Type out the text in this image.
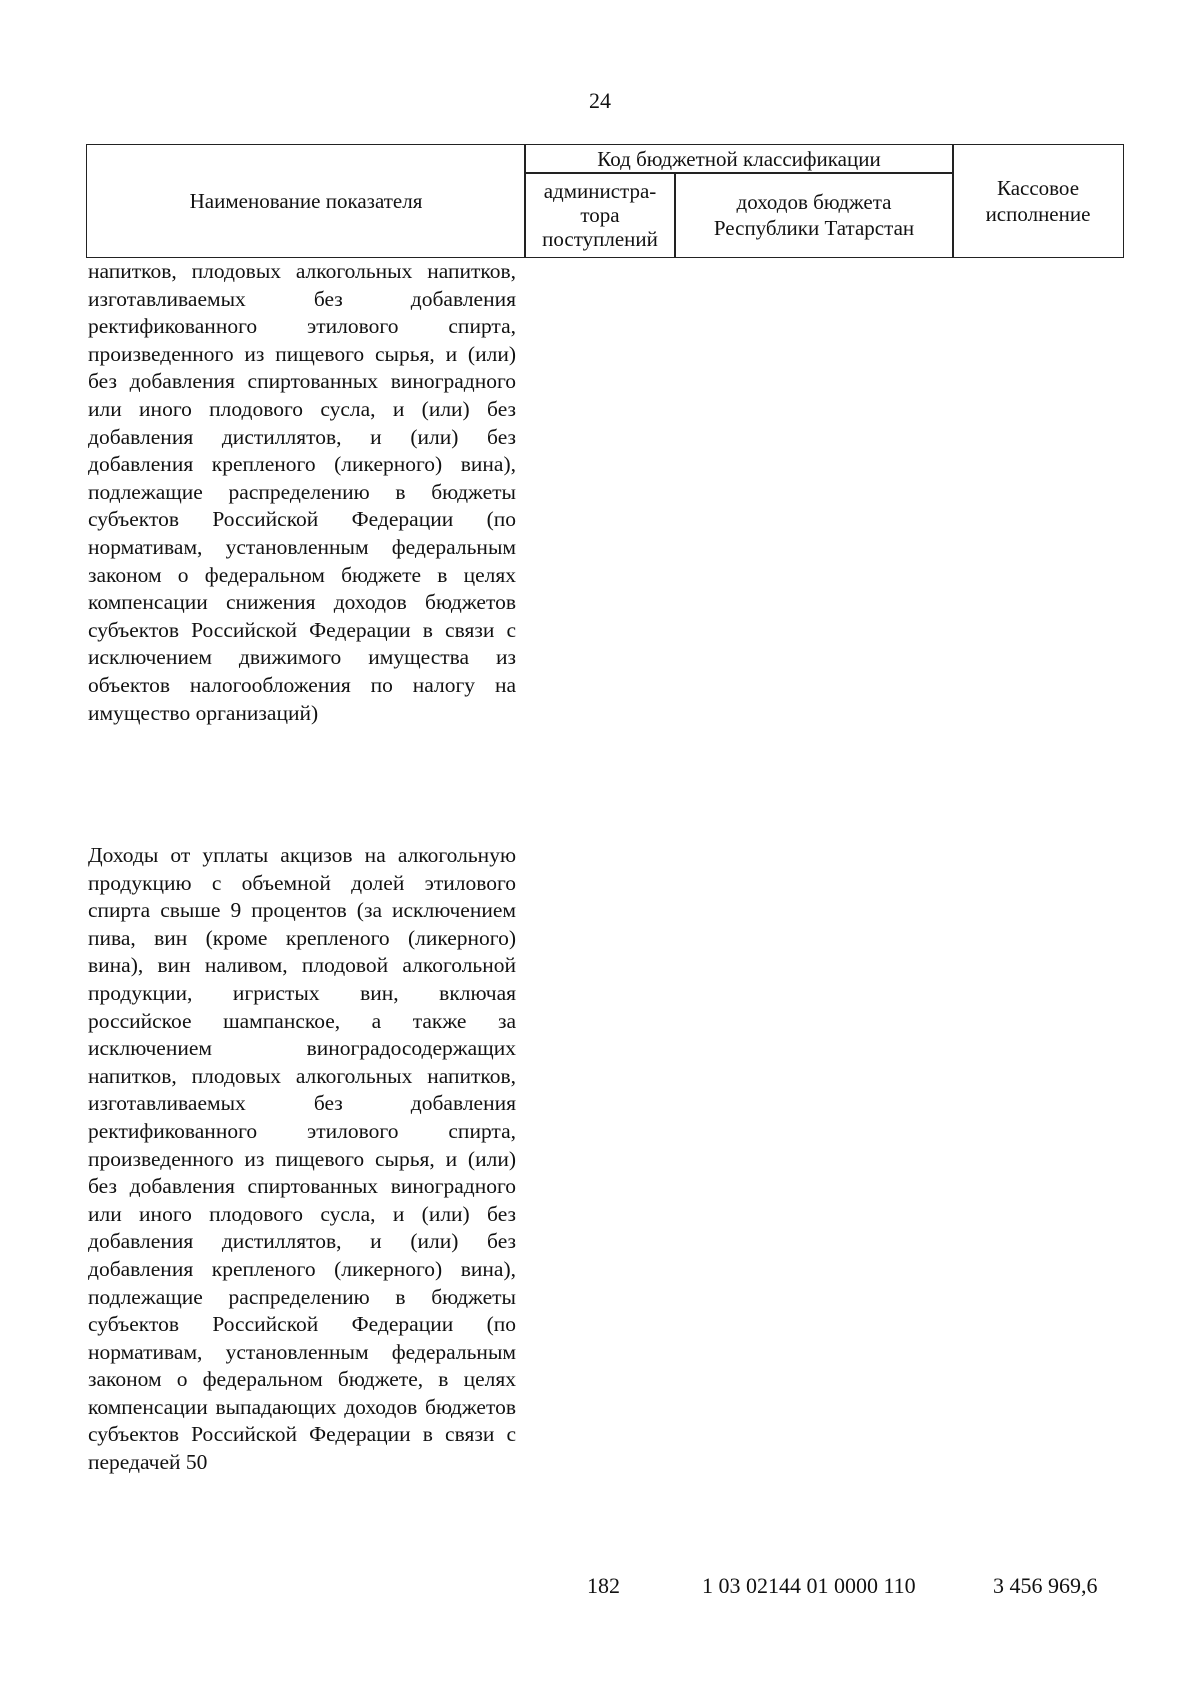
24
Наименование показателя
Код бюджетной классификации
администра-
тора
поступлений
доходов бюджета
Республики Татарстан
Кассовое
исполнение

напитков, плодовых алкогольных напитков, изготавливаемых без добавления ректификованного этилового спирта, произведенного из пищевого сырья, и (или) без добавления спиртованных виноградного или иного плодового сусла, и (или) без добавления дистиллятов, и (или) без добавления крепленого (ликерного) вина), подлежащие распределению в бюджеты субъектов Российской Федерации (по нормативам, установленным федеральным законом о федеральном бюджете в целях компенсации снижения доходов бюджетов субъектов Российской Федерации в связи с исключением движимого имущества из объектов налогообложения по налогу на имущество организаций)

Доходы от уплаты акцизов на алкогольную продукцию с объемной долей этилового спирта свыше 9 процентов (за исключением пива, вин (кроме крепленого (ликерного) вина), вин наливом, плодовой алкогольной продукции, игристых вин, включая российское шампанское, а также за исключением виноградосодержащих напитков, плодовых алкогольных напитков, изготавливаемых без добавления ректификованного этилового спирта, произведенного из пищевого сырья, и (или) без добавления спиртованных виноградного или иного плодового сусла, и (или) без добавления дистиллятов, и (или) без добавления крепленого (ликерного) вина), подлежащие распределению в бюджеты субъектов Российской Федерации (по нормативам, установленным федеральным законом о федеральном бюджете, в целях компенсации выпадающих доходов бюджетов субъектов Российской Федерации в связи с передачей 50

182	1 03 02144 01 0000 110	3 456 969,6
